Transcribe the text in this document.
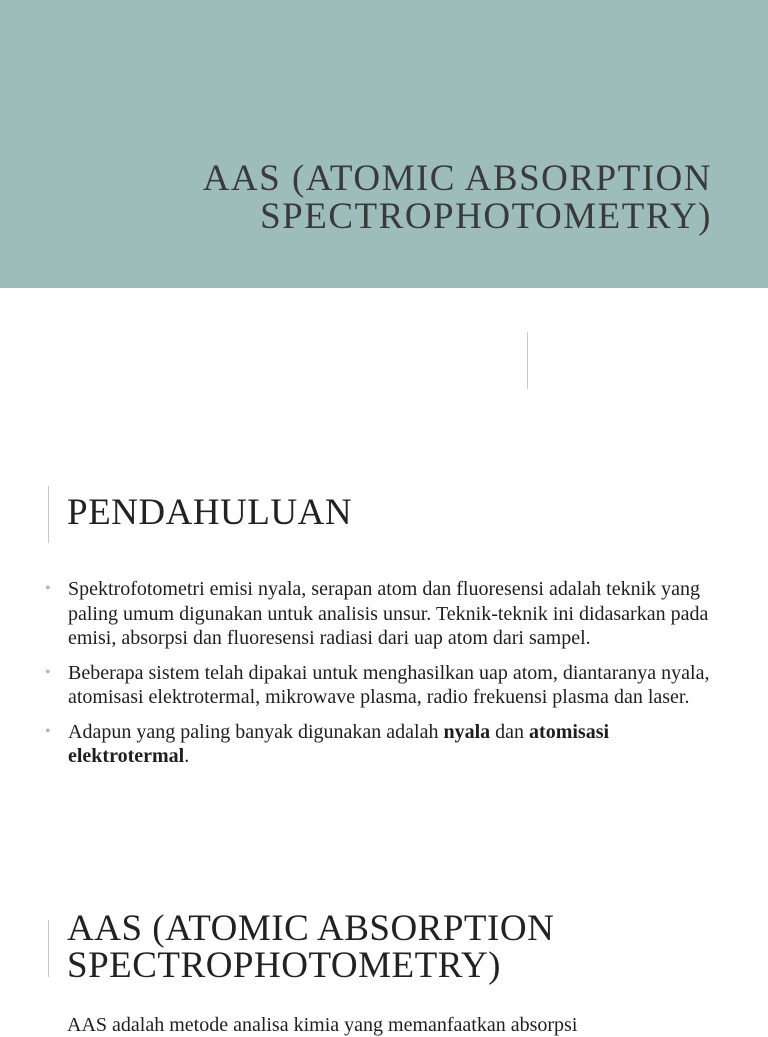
AAS (ATOMIC ABSORPTION
SPECTROPHOTOMETRY)
PENDAHULUAN
• Spektrofotometri emisi nyala, serapan atom dan fluoresensi adalah teknik yang paling umum digunakan untuk analisis unsur. Teknik-teknik ini didasarkan pada emisi, absorpsi dan fluoresensi radiasi dari uap atom dari sampel.
• Beberapa sistem telah dipakai untuk menghasilkan uap atom, diantaranya nyala, atomisasi elektrotermal, mikrowave plasma, radio frekuensi plasma dan laser.
• Adapun yang paling banyak digunakan adalah nyala dan atomisasi elektrotermal.
AAS (ATOMIC ABSORPTION
SPECTROPHOTOMETRY)
AAS adalah metode analisa kimia yang memanfaatkan absorpsi
